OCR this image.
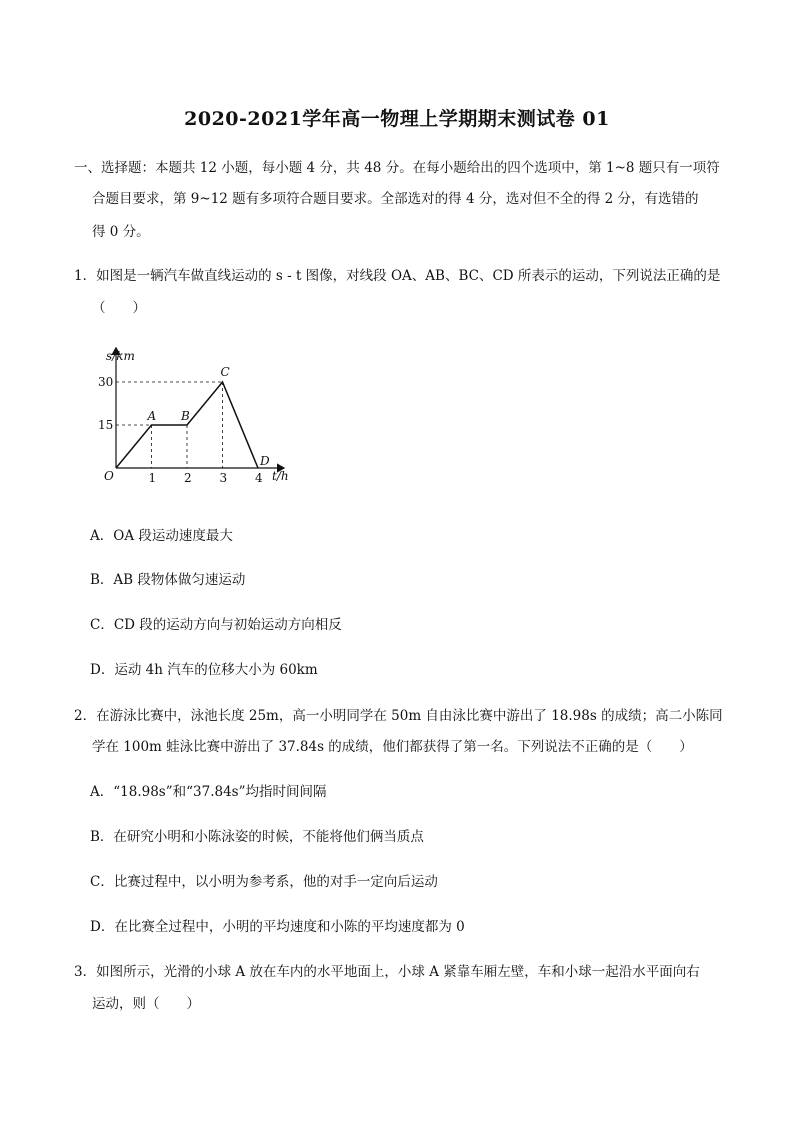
2020-2021学年高一物理上学期期末测试卷 01
一、选择题：本题共 12 小题，每小题 4 分，共 48 分。在每小题给出的四个选项中，第 1~8 题只有一项符
合题目要求，第 9~12 题有多项符合题目要求。全部选对的得 4 分，选对但不全的得 2 分，有选错的
得 0 分。
1．如图是一辆汽车做直线运动的 s - t 图像，对线段 OA、AB、BC、CD 所表示的运动，下列说法正确的是
（　　）
1 2 3 4
15
30
O
A B
C
D
s/km
t/h
A．OA 段运动速度最大
B．AB 段物体做匀速运动
C．CD 段的运动方向与初始运动方向相反
D．运动 4h 汽车的位移大小为 60km
2．在游泳比赛中，泳池长度 25m，高一小明同学在 50m 自由泳比赛中游出了 18.98s 的成绩；高二小陈同
学在 100m 蛙泳比赛中游出了 37.84s 的成绩，他们都获得了第一名。下列说法不正确的是（　　）
A．“18.98s”和“37.84s”均指时间间隔
B．在研究小明和小陈泳姿的时候，不能将他们俩当质点
C．比赛过程中，以小明为参考系，他的对手一定向后运动
D．在比赛全过程中，小明的平均速度和小陈的平均速度都为 0
3．如图所示，光滑的小球 A 放在车内的水平地面上，小球 A 紧靠车厢左壁，车和小球一起沿水平面向右
运动，则（　　）
